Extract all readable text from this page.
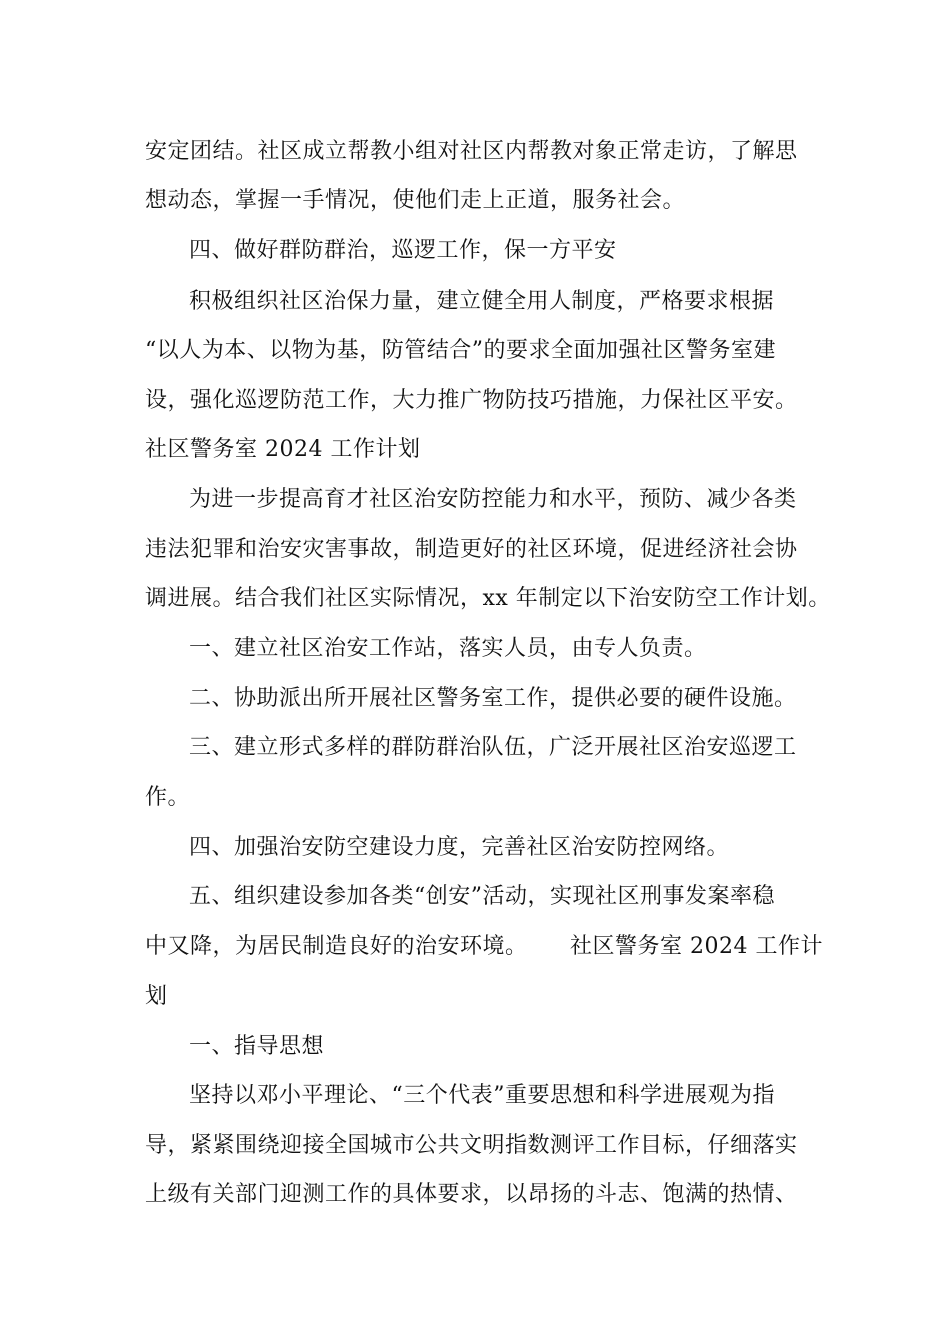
安定团结。社区成立帮教小组对社区内帮教对象正常走访，了解思
想动态，掌握一手情况，使他们走上正道，服务社会。
四、做好群防群治，巡逻工作，保一方平安
积极组织社区治保力量，建立健全用人制度，严格要求根据
“以人为本、以物为基，防管结合”的要求全面加强社区警务室建
设，强化巡逻防范工作，大力推广物防技巧措施，力保社区平安。
社区警务室 2024 工作计划
为进一步提高育才社区治安防控能力和水平，预防、减少各类
违法犯罪和治安灾害事故，制造更好的社区环境，促进经济社会协
调进展。结合我们社区实际情况，xx 年制定以下治安防空工作计划。
一、建立社区治安工作站，落实人员，由专人负责。
二、协助派出所开展社区警务室工作，提供必要的硬件设施。
三、建立形式多样的群防群治队伍，广泛开展社区治安巡逻工
作。
四、加强治安防空建设力度，完善社区治安防控网络。
五、组织建设参加各类“创安”活动，实现社区刑事发案率稳
中又降，为居民制造良好的治安环境。 社区警务室 2024 工作计
划
一、指导思想
坚持以邓小平理论、“三个代表”重要思想和科学进展观为指
导，紧紧围绕迎接全国城市公共文明指数测评工作目标，仔细落实
上级有关部门迎测工作的具体要求，以昂扬的斗志、饱满的热情、
